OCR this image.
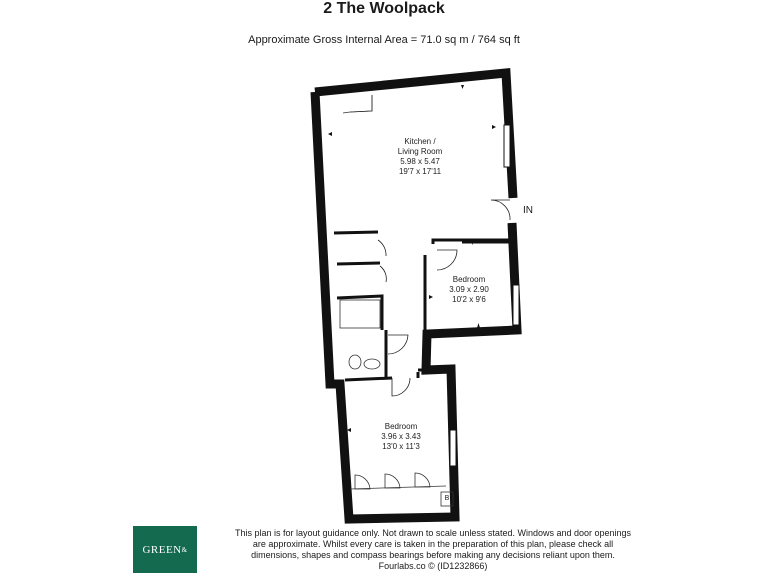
2 The Woolpack
Approximate Gross Internal Area = 71.0 sq m / 764 sq ft
Kitchen /
Living Room
5.98 x 5.47
19'7 x 17'11
Bedroom
3.09 x 2.90
10'2 x 9'6
Bedroom
3.96 x 3.43
13'0 x 11'3
IN
B
GREEN &
This plan is for layout guidance only. Not drawn to scale unless stated. Windows and door openings
are approximate. Whilst every care is taken in the preparation of this plan, please check all
dimensions, shapes and compass bearings before making any decisions reliant upon them.
Fourlabs.co © (ID1232866)
